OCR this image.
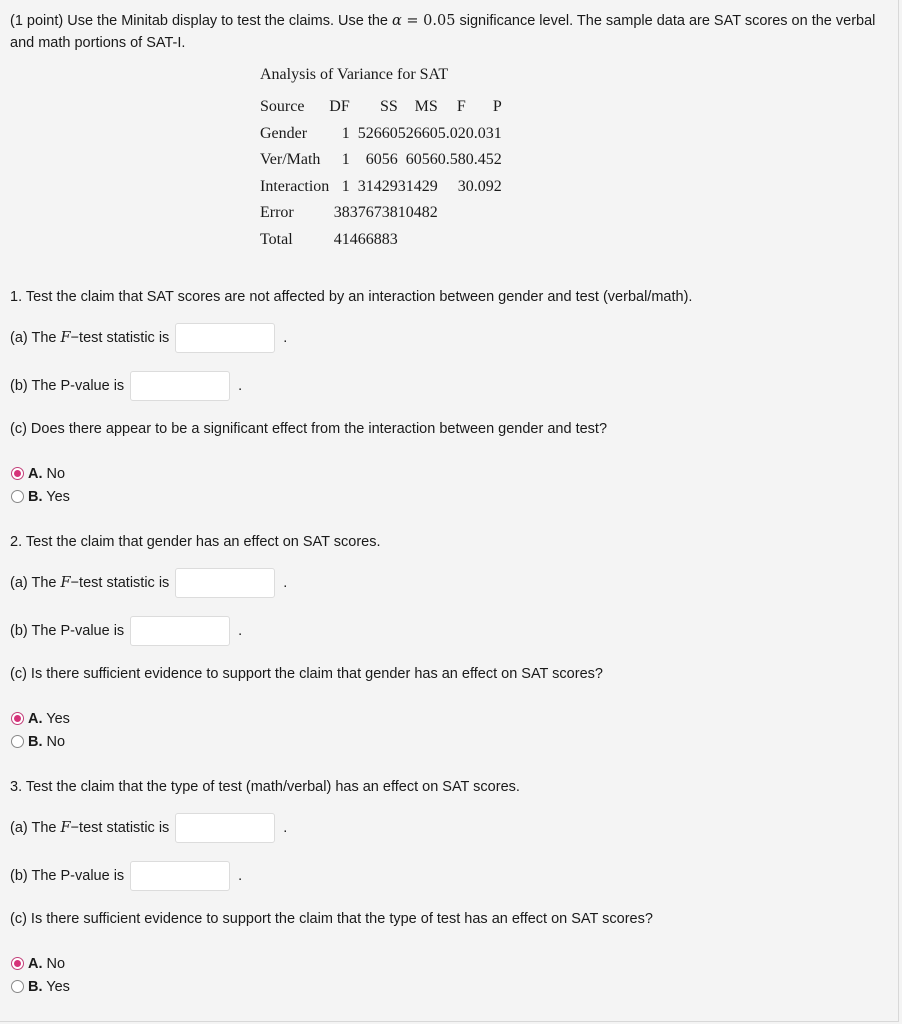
(1 point) Use the Minitab display to test the claims. Use the α = 0.05 significance level. The sample data are SAT scores on the verbal and math portions of SAT-I.
Analysis of Variance for SAT
Source	DF	SS	MS	F	P
Gender	1	52660	52660	5.02	0.031
Ver/Math	1	6056	6056	0.58	0.452
Interaction	1	31429	31429	3	0.092
Error	38	376738	10482		
Total	41	466883			
1. Test the claim that SAT scores are not affected by an interaction between gender and test (verbal/math).
(a) The F−test statistic is	.
(b) The P-value is	.
(c) Does there appear to be a significant effect from the interaction between gender and test?
A. No
B. Yes
2. Test the claim that gender has an effect on SAT scores.
(a) The F−test statistic is	.
(b) The P-value is	.
(c) Is there sufficient evidence to support the claim that gender has an effect on SAT scores?
A. Yes
B. No
3. Test the claim that the type of test (math/verbal) has an effect on SAT scores.
(a) The F−test statistic is	.
(b) The P-value is	.
(c) Is there sufficient evidence to support the claim that the type of test has an effect on SAT scores?
A. No
B. Yes
